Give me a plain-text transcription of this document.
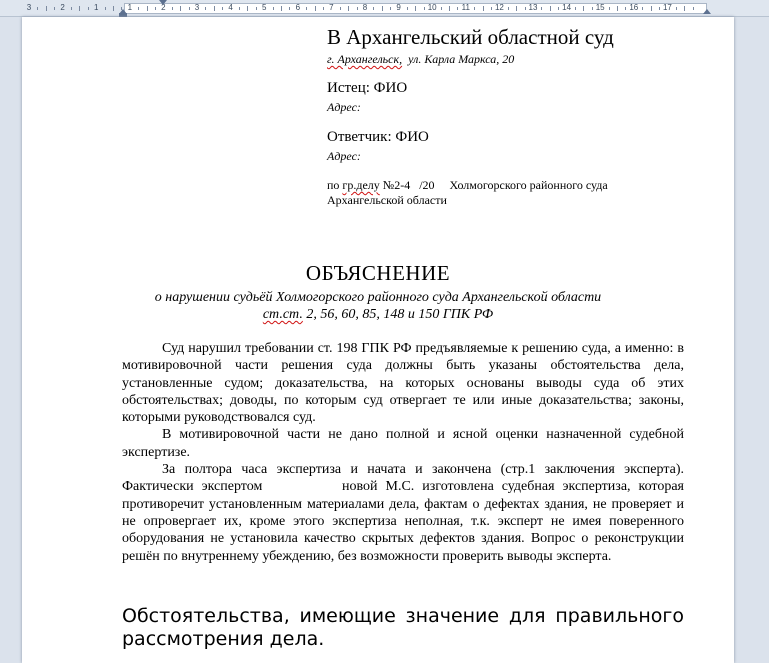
3	2	1	1	2	3	4	5	6	7	8	9	10	11	12	13	14	15	16	17
В Архангельский областной суд
г. Архангельск, ул. Карла Маркса, 20
Истец: ФИО
Адрес:
Ответчик: ФИО
Адрес:
по гр.делу №2-4   /20     Холмогорского районного суда Архангельской области
ОБЪЯСНЕНИЕ
о нарушении судьёй Холмогорского районного суда Архангельской области
ст.ст. 2, 56, 60, 85, 148 и 150 ГПК РФ

Суд нарушил требовании ст. 198 ГПК РФ предъявляемые к решению суда, а именно: в мотивировочной части решения суда должны быть указаны обстоятельства дела, установленные судом; доказательства, на которых основаны выводы суда об этих обстоятельствах; доводы, по которым суд отвергает те или иные доказательства; законы, которыми руководствовался суд.

В мотивировочной части не дано полной и ясной оценки назначенной судебной экспертизе.

За полтора часа экспертиза и начата и закончена (стр.1 заключения эксперта). Фактически экспертом          новой М.С. изготовлена судебная экспертиза, которая противоречит установленным материалами дела, фактам о дефектах здания, не проверяет и не опровергает их, кроме этого экспертиза неполная, т.к. эксперт не имея поверенного оборудования не установила качество скрытых дефектов здания. Вопрос о реконструкции решён по внутреннему убеждению, без возможности проверить выводы эксперта.

Обстоятельства, имеющие значение для правильного рассмотрения дела.
